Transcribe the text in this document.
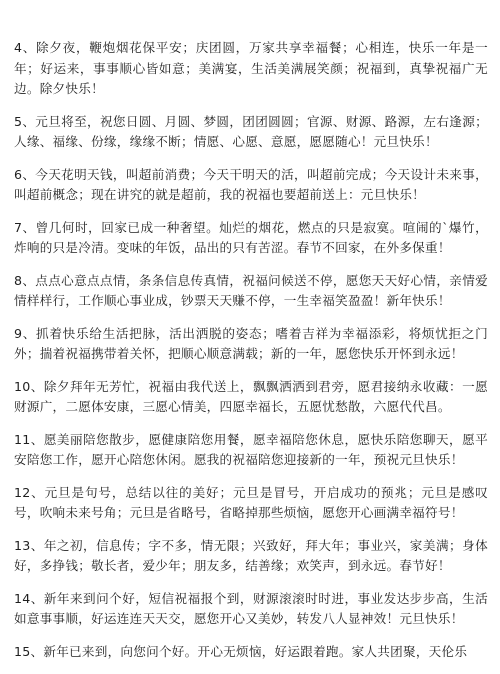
4、除夕夜，鞭炮烟花保平安；庆团圆，万家共享幸福餐；心相连，快乐一年是一年；好运来，事事顺心皆如意；美满宴，生活美满展笑颜；祝福到，真挚祝福广无边。除夕快乐！

5、元旦将至，祝您日圆、月圆、梦圆，团团圆圆；官源、财源、路源，左右逢源；人缘、福缘、份缘，缘缘不断；情愿、心愿、意愿，愿愿随心！元旦快乐！

6、今天花明天钱，叫超前消费；今天干明天的活，叫超前完成；今天设计未来事，叫超前概念；现在讲究的就是超前，我的祝福也要超前送上：元旦快乐！

7、曾几何时，回家已成一种奢望。灿烂的烟花，燃点的只是寂寞。喧闹的`爆竹，炸响的只是冷清。变味的年饭，品出的只有苦涩。春节不回家，在外多保重！

8、点点心意点点情，条条信息传真情，祝福问候送不停，愿您天天好心情，亲情爱情样样行，工作顺心事业成，钞票天天赚不停，一生幸福笑盈盈！新年快乐！

9、抓着快乐给生活把脉，活出洒脱的姿态；嗜着吉祥为幸福添彩，将烦忧拒之门外；揣着祝福携带着关怀，把顺心顺意满载；新的一年，愿您快乐开怀到永远！

10、除夕拜年无芳忙，祝福由我代送上，飘飘洒洒到君旁，愿君接纳永收藏：一愿财源广，二愿体安康，三愿心情美，四愿幸福长，五愿忧愁散，六愿代代昌。

11、愿美丽陪您散步，愿健康陪您用餐，愿幸福陪您休息，愿快乐陪您聊天，愿平安陪您工作，愿开心陪您休闲。愿我的祝福陪您迎接新的一年，预祝元旦快乐！

12、元旦是句号，总结以往的美好；元旦是冒号，开启成功的预兆；元旦是感叹号，吹响未来号角；元旦是省略号，省略掉那些烦恼，愿您开心画满幸福符号！

13、年之初，信息传；字不多，情无限；兴致好，拜大年；事业兴，家美满；身体好，多挣钱；敬长者，爱少年；朋友多，结善缘；欢笑声，到永远。春节好！

14、新年来到问个好，短信祝福报个到，财源滚滚时时进，事业发达步步高，生活如意事事顺，好运连连天天交，愿您开心又美妙，转发八人显神效！元旦快乐！

15、新年已来到，向您问个好。开心无烦恼，好运跟着跑。家人共团聚，天伦乐
